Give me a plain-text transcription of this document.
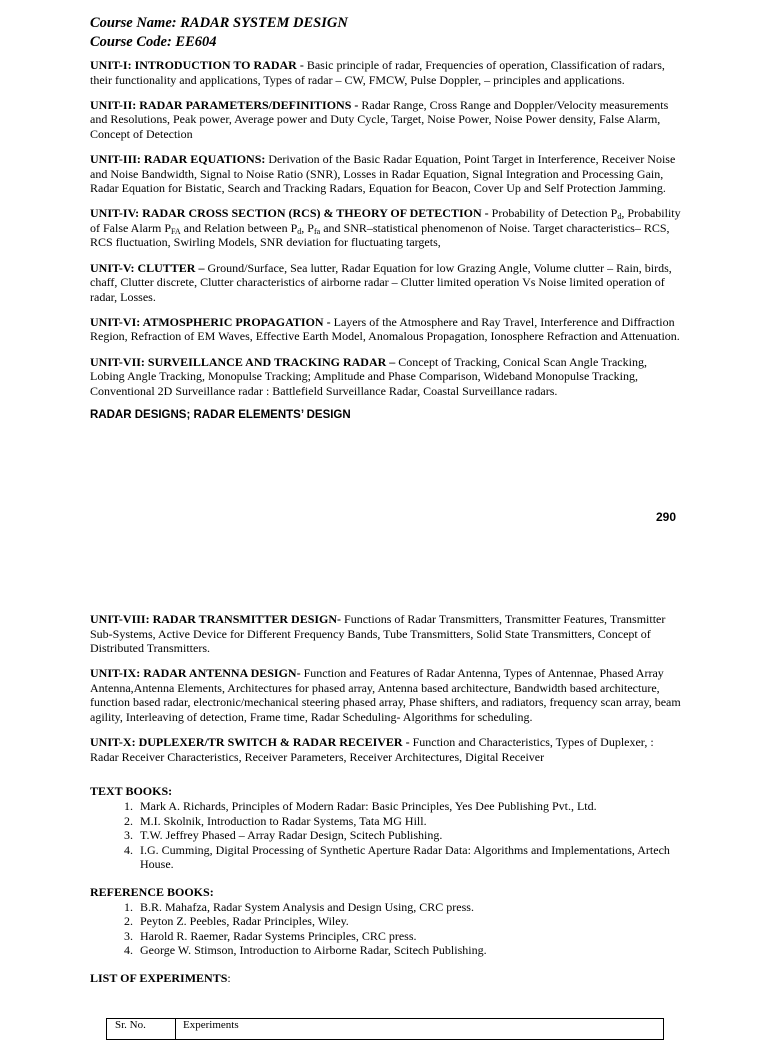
Course Name: RADAR SYSTEM DESIGN
Course Code: EE604

UNIT-I: INTRODUCTION TO RADAR - Basic principle of radar, Frequencies of operation, Classification of radars, their functionality and applications, Types of radar – CW, FMCW, Pulse Doppler, – principles and applications.

UNIT-II: RADAR PARAMETERS/DEFINITIONS - Radar Range, Cross Range and Doppler/Velocity measurements and Resolutions, Peak power, Average power and Duty Cycle, Target, Noise Power, Noise Power density, False Alarm, Concept of Detection

UNIT-III: RADAR EQUATIONS: Derivation of the Basic Radar Equation, Point Target in Interference, Receiver Noise and Noise Bandwidth, Signal to Noise Ratio (SNR), Losses in Radar Equation, Signal Integration and Processing Gain, Radar Equation for Bistatic, Search and Tracking Radars, Equation for Beacon, Cover Up and Self Protection Jamming.

UNIT-IV: RADAR CROSS SECTION (RCS) & THEORY OF DETECTION - Probability of Detection $P_d$, Probability of False Alarm $P_{FA}$ and Relation between $P_d$, $P_{fa}$ and SNR–statistical phenomenon of Noise. Target characteristics– RCS, RCS fluctuation, Swirling Models, SNR deviation for fluctuating targets,

UNIT-V: CLUTTER – Ground/Surface, Sea lutter, Radar Equation for low Grazing Angle, Volume clutter – Rain, birds, chaff, Clutter discrete, Clutter characteristics of airborne radar – Clutter limited operation Vs Noise limited operation of radar, Losses.

UNIT-VI: ATMOSPHERIC PROPAGATION - Layers of the Atmosphere and Ray Travel, Interference and Diffraction Region, Refraction of EM Waves, Effective Earth Model, Anomalous Propagation, Ionosphere Refraction and Attenuation.

UNIT-VII: SURVEILLANCE AND TRACKING RADAR – Concept of Tracking, Conical Scan Angle Tracking, Lobing Angle Tracking, Monopulse Tracking; Amplitude and Phase Comparison, Wideband Monopulse Tracking, Conventional 2D Surveillance radar : Battlefield Surveillance Radar, Coastal Surveillance radars.

RADAR DESIGNS; RADAR ELEMENTS’ DESIGN
290

UNIT-VIII: RADAR TRANSMITTER DESIGN- Functions of Radar Transmitters, Transmitter Features, Transmitter Sub-Systems, Active Device for Different Frequency Bands, Tube Transmitters, Solid State Transmitters, Concept of Distributed Transmitters.

UNIT-IX: RADAR ANTENNA DESIGN- Function and Features of Radar Antenna, Types of Antennae, Phased Array Antenna,Antenna Elements, Architectures for phased array, Antenna based architecture, Bandwidth based architecture, function based radar, electronic/mechanical steering phased array, Phase shifters, and radiators, frequency scan array, beam agility, Interleaving of detection, Frame time, Radar Scheduling- Algorithms for scheduling.

UNIT-X: DUPLEXER/TR SWITCH & RADAR RECEIVER - Function and Characteristics, Types of Duplexer, : Radar Receiver Characteristics, Receiver Parameters, Receiver Architectures, Digital Receiver

TEXT BOOKS:
1. Mark A. Richards, Principles of Modern Radar: Basic Principles, Yes Dee Publishing Pvt., Ltd.
2. M.I. Skolnik, Introduction to Radar Systems, Tata MG Hill.
3. T.W. Jeffrey Phased – Array Radar Design, Scitech Publishing.
4. I.G. Cumming, Digital Processing of Synthetic Aperture Radar Data: Algorithms and Implementations, Artech House.
REFERENCE BOOKS:
1. B.R. Mahafza, Radar System Analysis and Design Using, CRC press.
2. Peyton Z. Peebles, Radar Principles, Wiley.
3. Harold R. Raemer, Radar Systems Principles, CRC press.
4. George W. Stimson, Introduction to Airborne Radar, Scitech Publishing.
LIST OF EXPERIMENTS:
Sr. No.	Experiments
